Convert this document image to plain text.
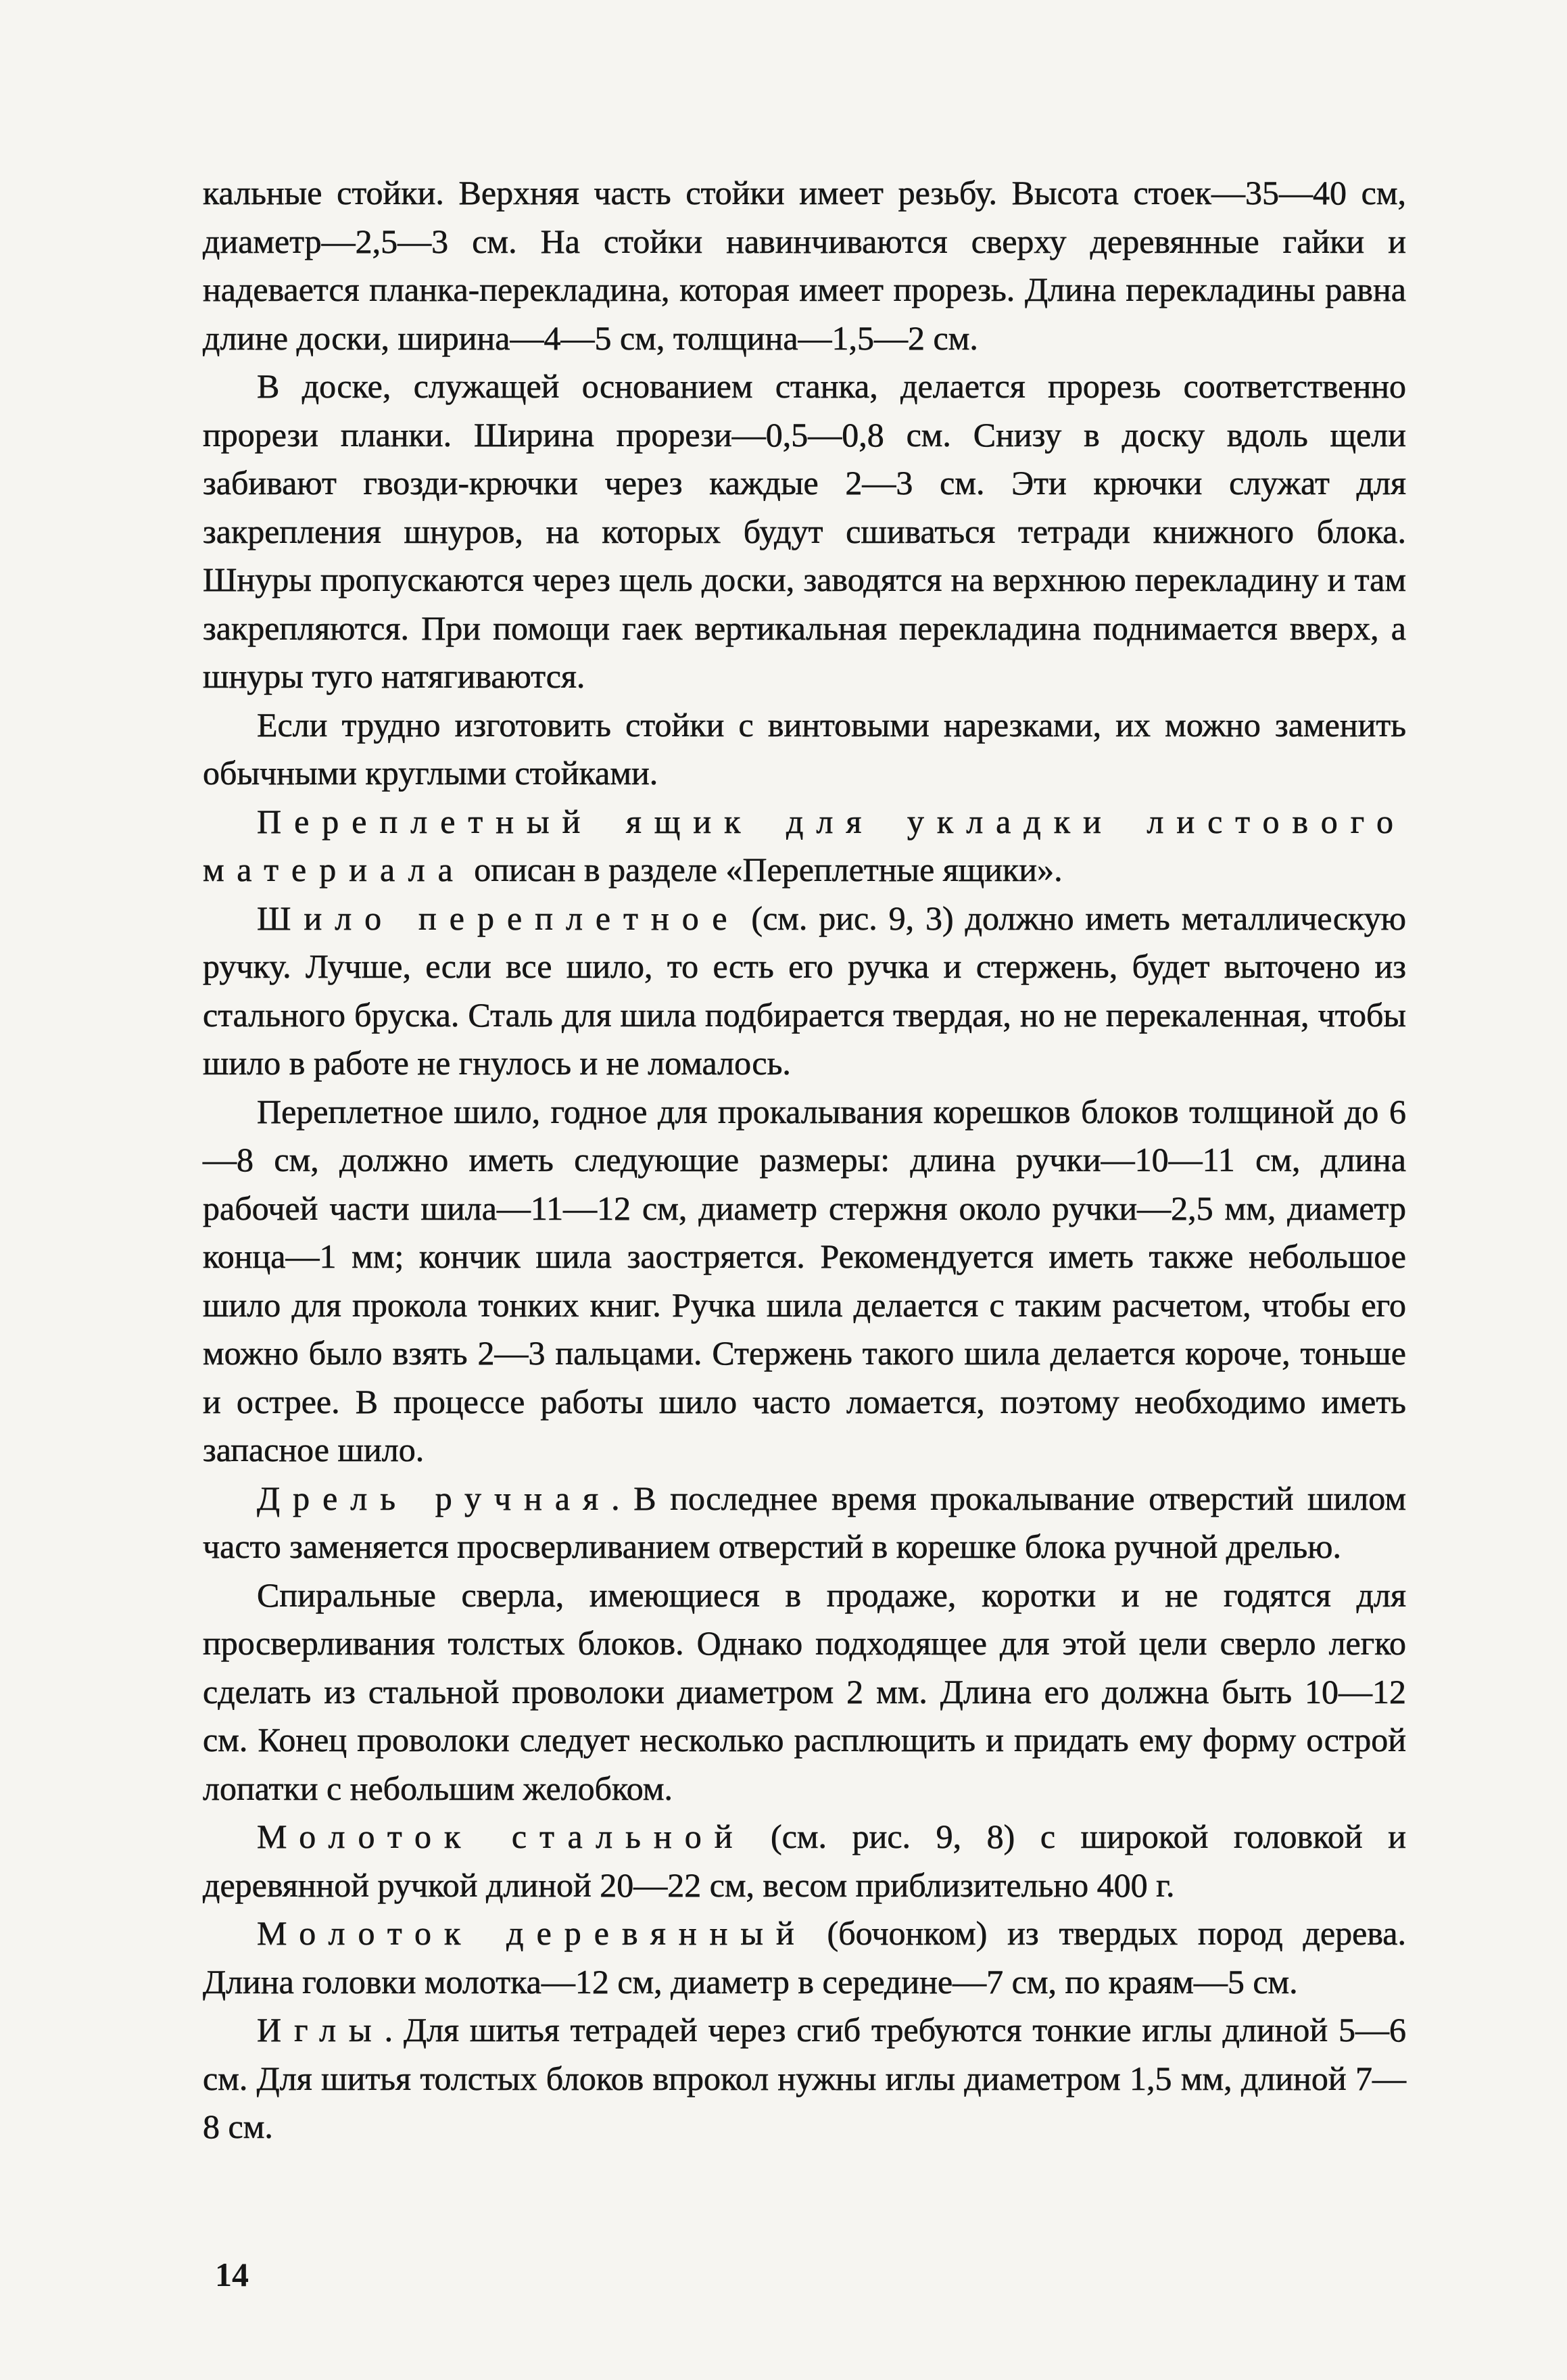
кальные стойки. Верхняя часть стойки имеет резьбу. Высота стоек—35—40 см, диаметр—2,5—3 см. На стойки навинчиваются сверху деревянные гайки и надевается планка-перекладина, которая имеет прорезь. Длина перекладины равна длине доски, ширина—4—5 см, толщина—1,5—2 см.

В доске, служащей основанием станка, делается прорезь соответственно прорези планки. Ширина прорези—0,5—0,8 см. Снизу в доску вдоль щели забивают гвозди-крючки через каждые 2—3 см. Эти крючки служат для закрепления шнуров, на которых будут сшиваться тетради книжного блока. Шнуры пропускаются через щель доски, заводятся на верхнюю перекладину и там закрепляются. При помощи гаек вертикальная перекладина поднимается вверх, а шнуры туго натягиваются.

Если трудно изготовить стойки с винтовыми нарезками, их можно заменить обычными круглыми стойками.

Переплетный ящик для укладки листового материала описан в разделе «Переплетные ящики».

Шило переплетное (см. рис. 9, 3) должно иметь металлическую ручку. Лучше, если все шило, то есть его ручка и стержень, будет выточено из стального бруска. Сталь для шила подбирается твердая, но не перекаленная, чтобы шило в работе не гнулось и не ломалось.

Переплетное шило, годное для прокалывания корешков блоков толщиной до 6—8 см, должно иметь следующие размеры: длина ручки—10—11 см, длина рабочей части шила—11—12 см, диаметр стержня около ручки—2,5 мм, диаметр конца—1 мм; кончик шила заостряется. Рекомендуется иметь также небольшое шило для прокола тонких книг. Ручка шила делается с таким расчетом, чтобы его можно было взять 2—3 пальцами. Стержень такого шила делается короче, тоньше и острее. В процессе работы шило часто ломается, поэтому необходимо иметь запасное шило.

Дрель ручная. В последнее время прокалывание отверстий шилом часто заменяется просверливанием отверстий в корешке блока ручной дрелью.

Спиральные сверла, имеющиеся в продаже, коротки и не годятся для просверливания толстых блоков. Однако подходящее для этой цели сверло легко сделать из стальной проволоки диаметром 2 мм. Длина его должна быть 10—12 см. Конец проволоки следует несколько расплющить и придать ему форму острой лопатки с небольшим желобком.

Молоток стальной (см. рис. 9, 8) с широкой головкой и деревянной ручкой длиной 20—22 см, весом приблизительно 400 г.

Молоток деревянный (бочонком) из твердых пород дерева. Длина головки молотка—12 см, диаметр в середине—7 см, по краям—5 см.

Иглы. Для шитья тетрадей через сгиб требуются тонкие иглы длиной 5—6 см. Для шитья толстых блоков впрокол нужны иглы диаметром 1,5 мм, длиной 7—8 см.

14
